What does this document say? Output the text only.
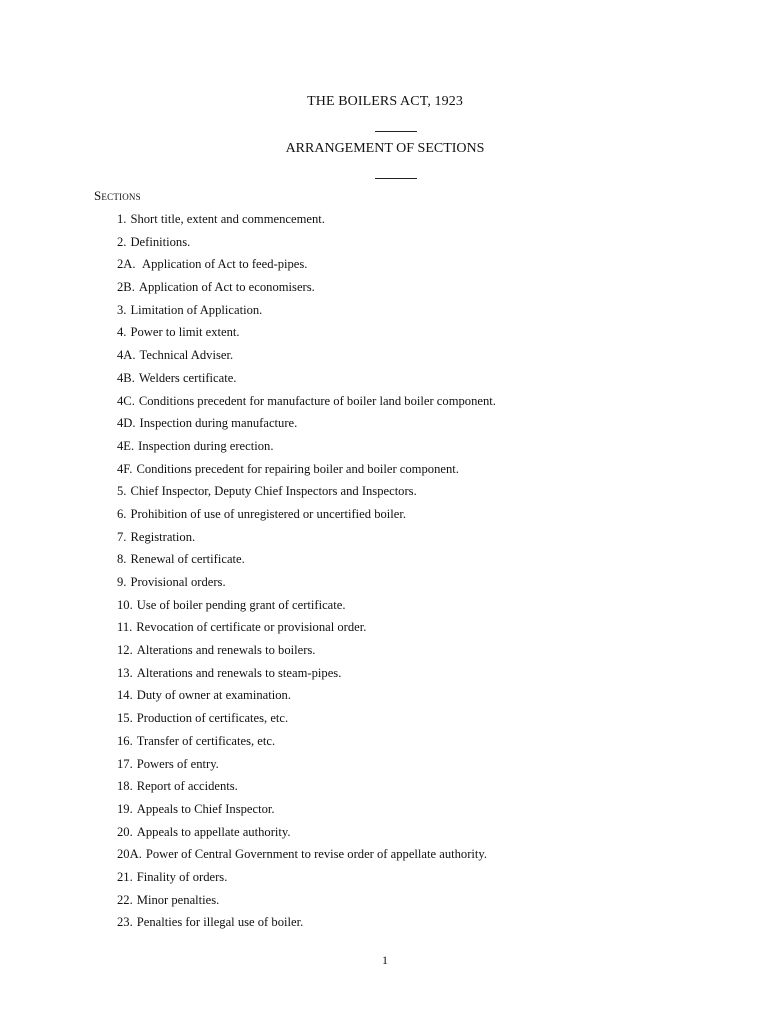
THE BOILERS ACT, 1923
ARRANGEMENT OF SECTIONS
Sections
1. Short title, extent and commencement.
2. Definitions.
2A. Application of Act to feed-pipes.
2B. Application of Act to economisers.
3. Limitation of Application.
4. Power to limit extent.
4A. Technical Adviser.
4B. Welders certificate.
4C. Conditions precedent for manufacture of boiler land boiler component.
4D. Inspection during manufacture.
4E. Inspection during erection.
4F. Conditions precedent for repairing boiler and boiler component.
5. Chief Inspector, Deputy Chief Inspectors and Inspectors.
6. Prohibition of use of unregistered or uncertified boiler.
7. Registration.
8. Renewal of certificate.
9. Provisional orders.
10. Use of boiler pending grant of certificate.
11. Revocation of certificate or provisional order.
12. Alterations and renewals to boilers.
13. Alterations and renewals to steam-pipes.
14. Duty of owner at examination.
15. Production of certificates, etc.
16. Transfer of certificates, etc.
17. Powers of entry.
18. Report of accidents.
19. Appeals to Chief Inspector.
20. Appeals to appellate authority.
20A. Power of Central Government to revise order of appellate authority.
21. Finality of orders.
22. Minor penalties.
23. Penalties for illegal use of boiler.
1
